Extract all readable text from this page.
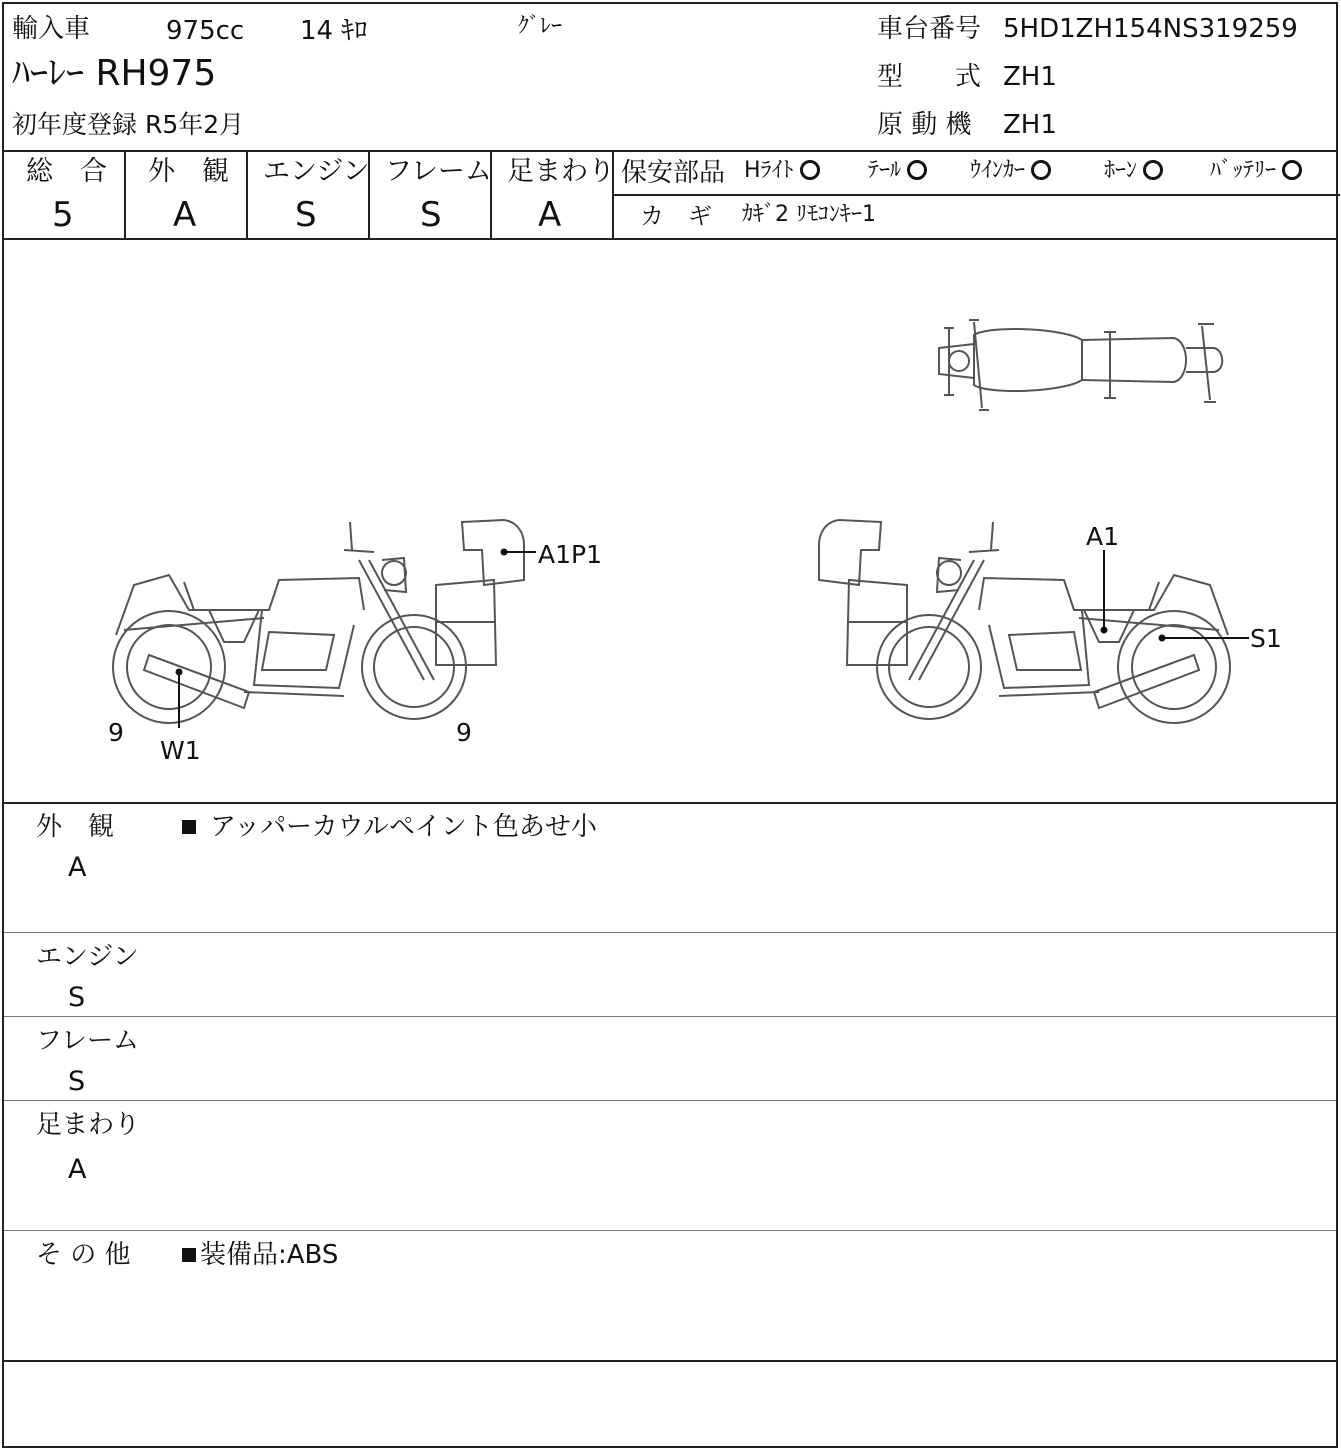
輸入車	975cc 14 ｷﾛ	ｸﾞﾚｰ
ﾊｰﾚｰ RH975
初年度登録 R5年2月
車台番号 5HD1ZH154NS319259
型　　式 ZH1
原 動 機 ZH1
総　合
5
外　観
A
エンジン
S
フレーム
S
足まわり
A
保安部品 Hﾗｲﾄ	ﾃｰﾙ	ｳｲﾝｶｰ	ﾎｰﾝ	ﾊﾞｯﾃﾘｰ
カ　ギ ｶｷﾞ2 ﾘﾓｺﾝｷｰ1
A1P1
W1
9	9
A1
S1
外　観
A
アッパーカウルペイント色あせ小
エンジン
S
フレーム
S
足まわり
A
そ の 他	装備品:ABS
